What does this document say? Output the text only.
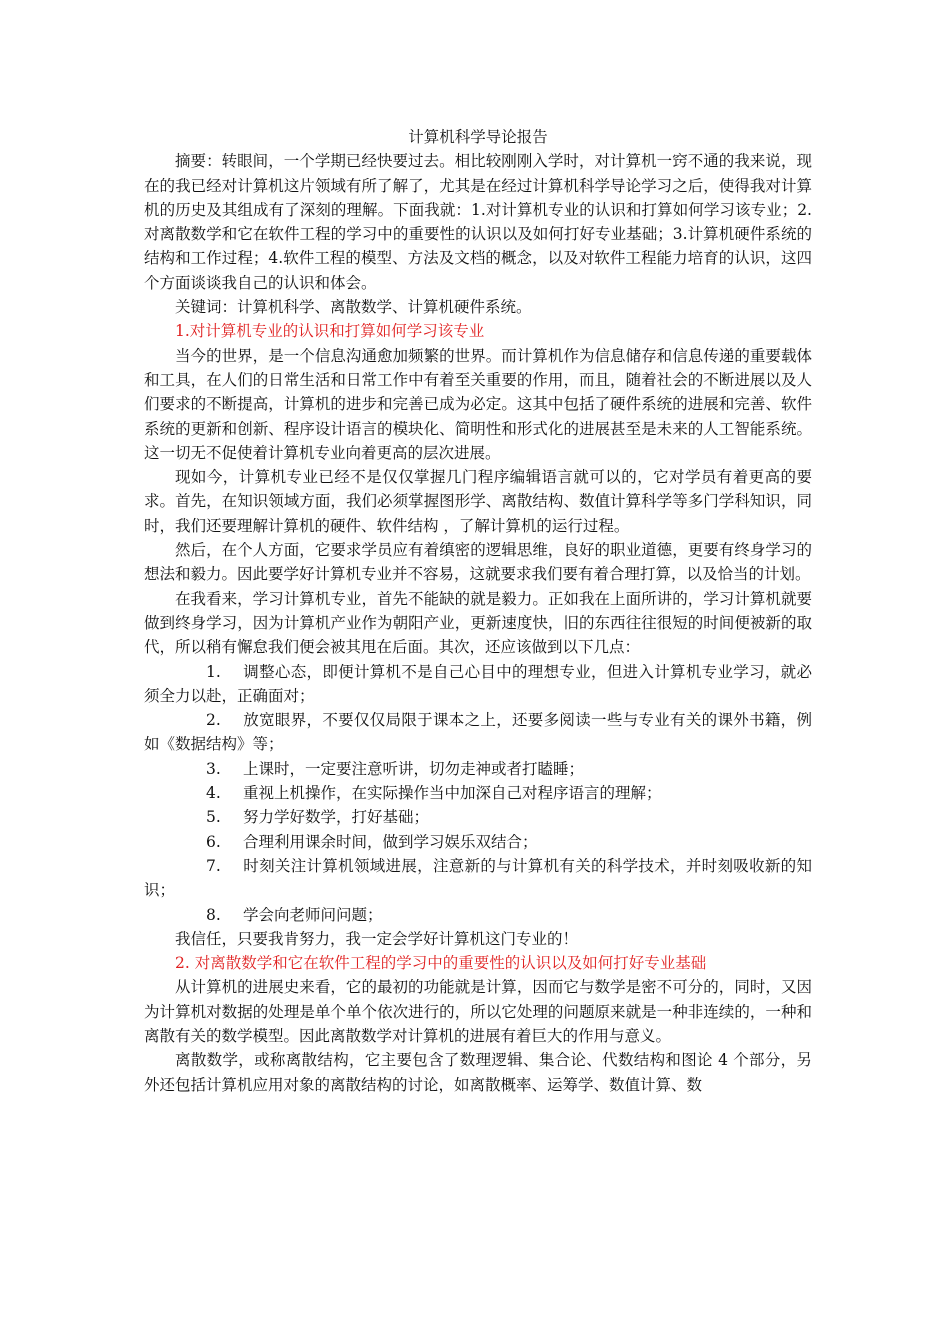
计算机科学导论报告

摘要：转眼间，一个学期已经快要过去。相比较刚刚入学时，对计算机一窍不通的我来说，现在的我已经对计算机这片领域有所了解了，尤其是在经过计算机科学导论学习之后，使得我对计算机的历史及其组成有了深刻的理解。下面我就：1.对计算机专业的认识和打算如何学习该专业；2.对离散数学和它在软件工程的学习中的重要性的认识以及如何打好专业基础；3.计算机硬件系统的结构和工作过程；4.软件工程的模型、方法及文档的概念，以及对软件工程能力培育的认识，这四个方面谈谈我自己的认识和体会。

关键词：计算机科学、离散数学、计算机硬件系统。

1.对计算机专业的认识和打算如何学习该专业

当今的世界，是一个信息沟通愈加频繁的世界。而计算机作为信息储存和信息传递的重要载体和工具，在人们的日常生活和日常工作中有着至关重要的作用，而且，随着社会的不断进展以及人们要求的不断提高，计算机的进步和完善已成为必定。这其中包括了硬件系统的进展和完善、软件系统的更新和创新、程序设计语言的模块化、简明性和形式化的进展甚至是未来的人工智能系统。这一切无不促使着计算机专业向着更高的层次进展。

现如今，计算机专业已经不是仅仅掌握几门程序编辑语言就可以的，它对学员有着更高的要求。首先，在知识领域方面，我们必须掌握图形学、离散结构、数值计算科学等多门学科知识，同时，我们还要理解计算机的硬件、软件结构 ，了解计算机的运行过程。

然后，在个人方面，它要求学员应有着缜密的逻辑思维，良好的职业道德，更要有终身学习的想法和毅力。因此要学好计算机专业并不容易，这就要求我们要有着合理打算，以及恰当的计划。

在我看来，学习计算机专业，首先不能缺的就是毅力。正如我在上面所讲的，学习计算机就要做到终身学习，因为计算机产业作为朝阳产业，更新速度快，旧的东西往往很短的时间便被新的取代，所以稍有懈怠我们便会被其甩在后面。其次，还应该做到以下几点：

1. 调整心态，即便计算机不是自己心目中的理想专业，但进入计算机专业学习，就必须全力以赴，正确面对；

2. 放宽眼界，不要仅仅局限于课本之上，还要多阅读一些与专业有关的课外书籍，例如《数据结构》等；

3. 上课时，一定要注意听讲，切勿走神或者打瞌睡；

4. 重视上机操作，在实际操作当中加深自己对程序语言的理解；

5. 努力学好数学，打好基础；

6. 合理利用课余时间，做到学习娱乐双结合；

7. 时刻关注计算机领域进展，注意新的与计算机有关的科学技术，并时刻吸收新的知识；

8. 学会向老师问问题；

我信任，只要我肯努力，我一定会学好计算机这门专业的！

2. 对离散数学和它在软件工程的学习中的重要性的认识以及如何打好专业基础

从计算机的进展史来看，它的最初的功能就是计算，因而它与数学是密不可分的，同时，又因为计算机对数据的处理是单个单个依次进行的，所以它处理的问题原来就是一种非连续的，一种和离散有关的数学模型。因此离散数学对计算机的进展有着巨大的作用与意义。

离散数学，或称离散结构，它主要包含了数理逻辑、集合论、代数结构和图论 4 个部分，另外还包括计算机应用对象的离散结构的讨论，如离散概率、运筹学、数值计算、数
